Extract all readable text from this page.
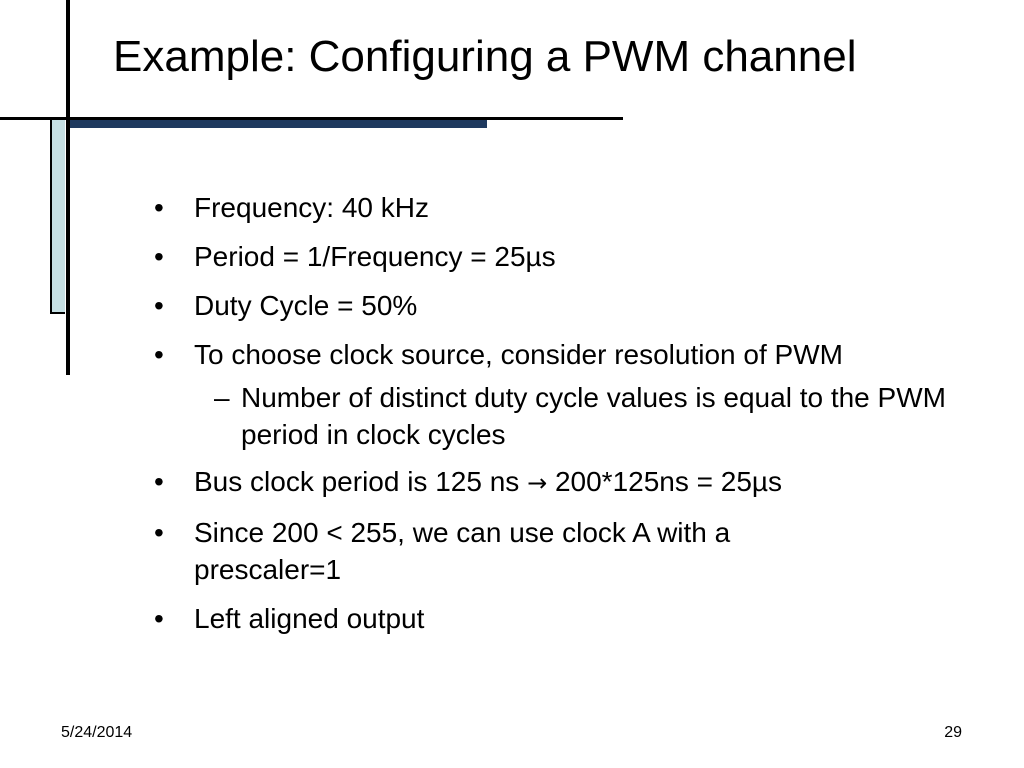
Example: Configuring a PWM channel
•	Frequency: 40 kHz
•	Period = 1/Frequency = 25µs
•	Duty Cycle = 50%
•	To choose clock source, consider resolution of PWM
– Number of distinct duty cycle values is equal to the PWM period in clock cycles
•	Bus clock period is 125 ns → 200*125ns = 25µs
•	Since 200 < 255, we can use clock A with a prescaler=1
•	Left aligned output
5/24/2014	29
